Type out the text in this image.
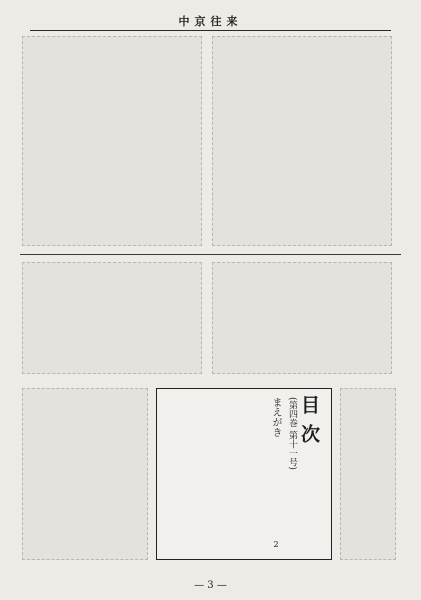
中京往来
目次
(第四巻 第十一号)
まえがき
2
— 3 —
